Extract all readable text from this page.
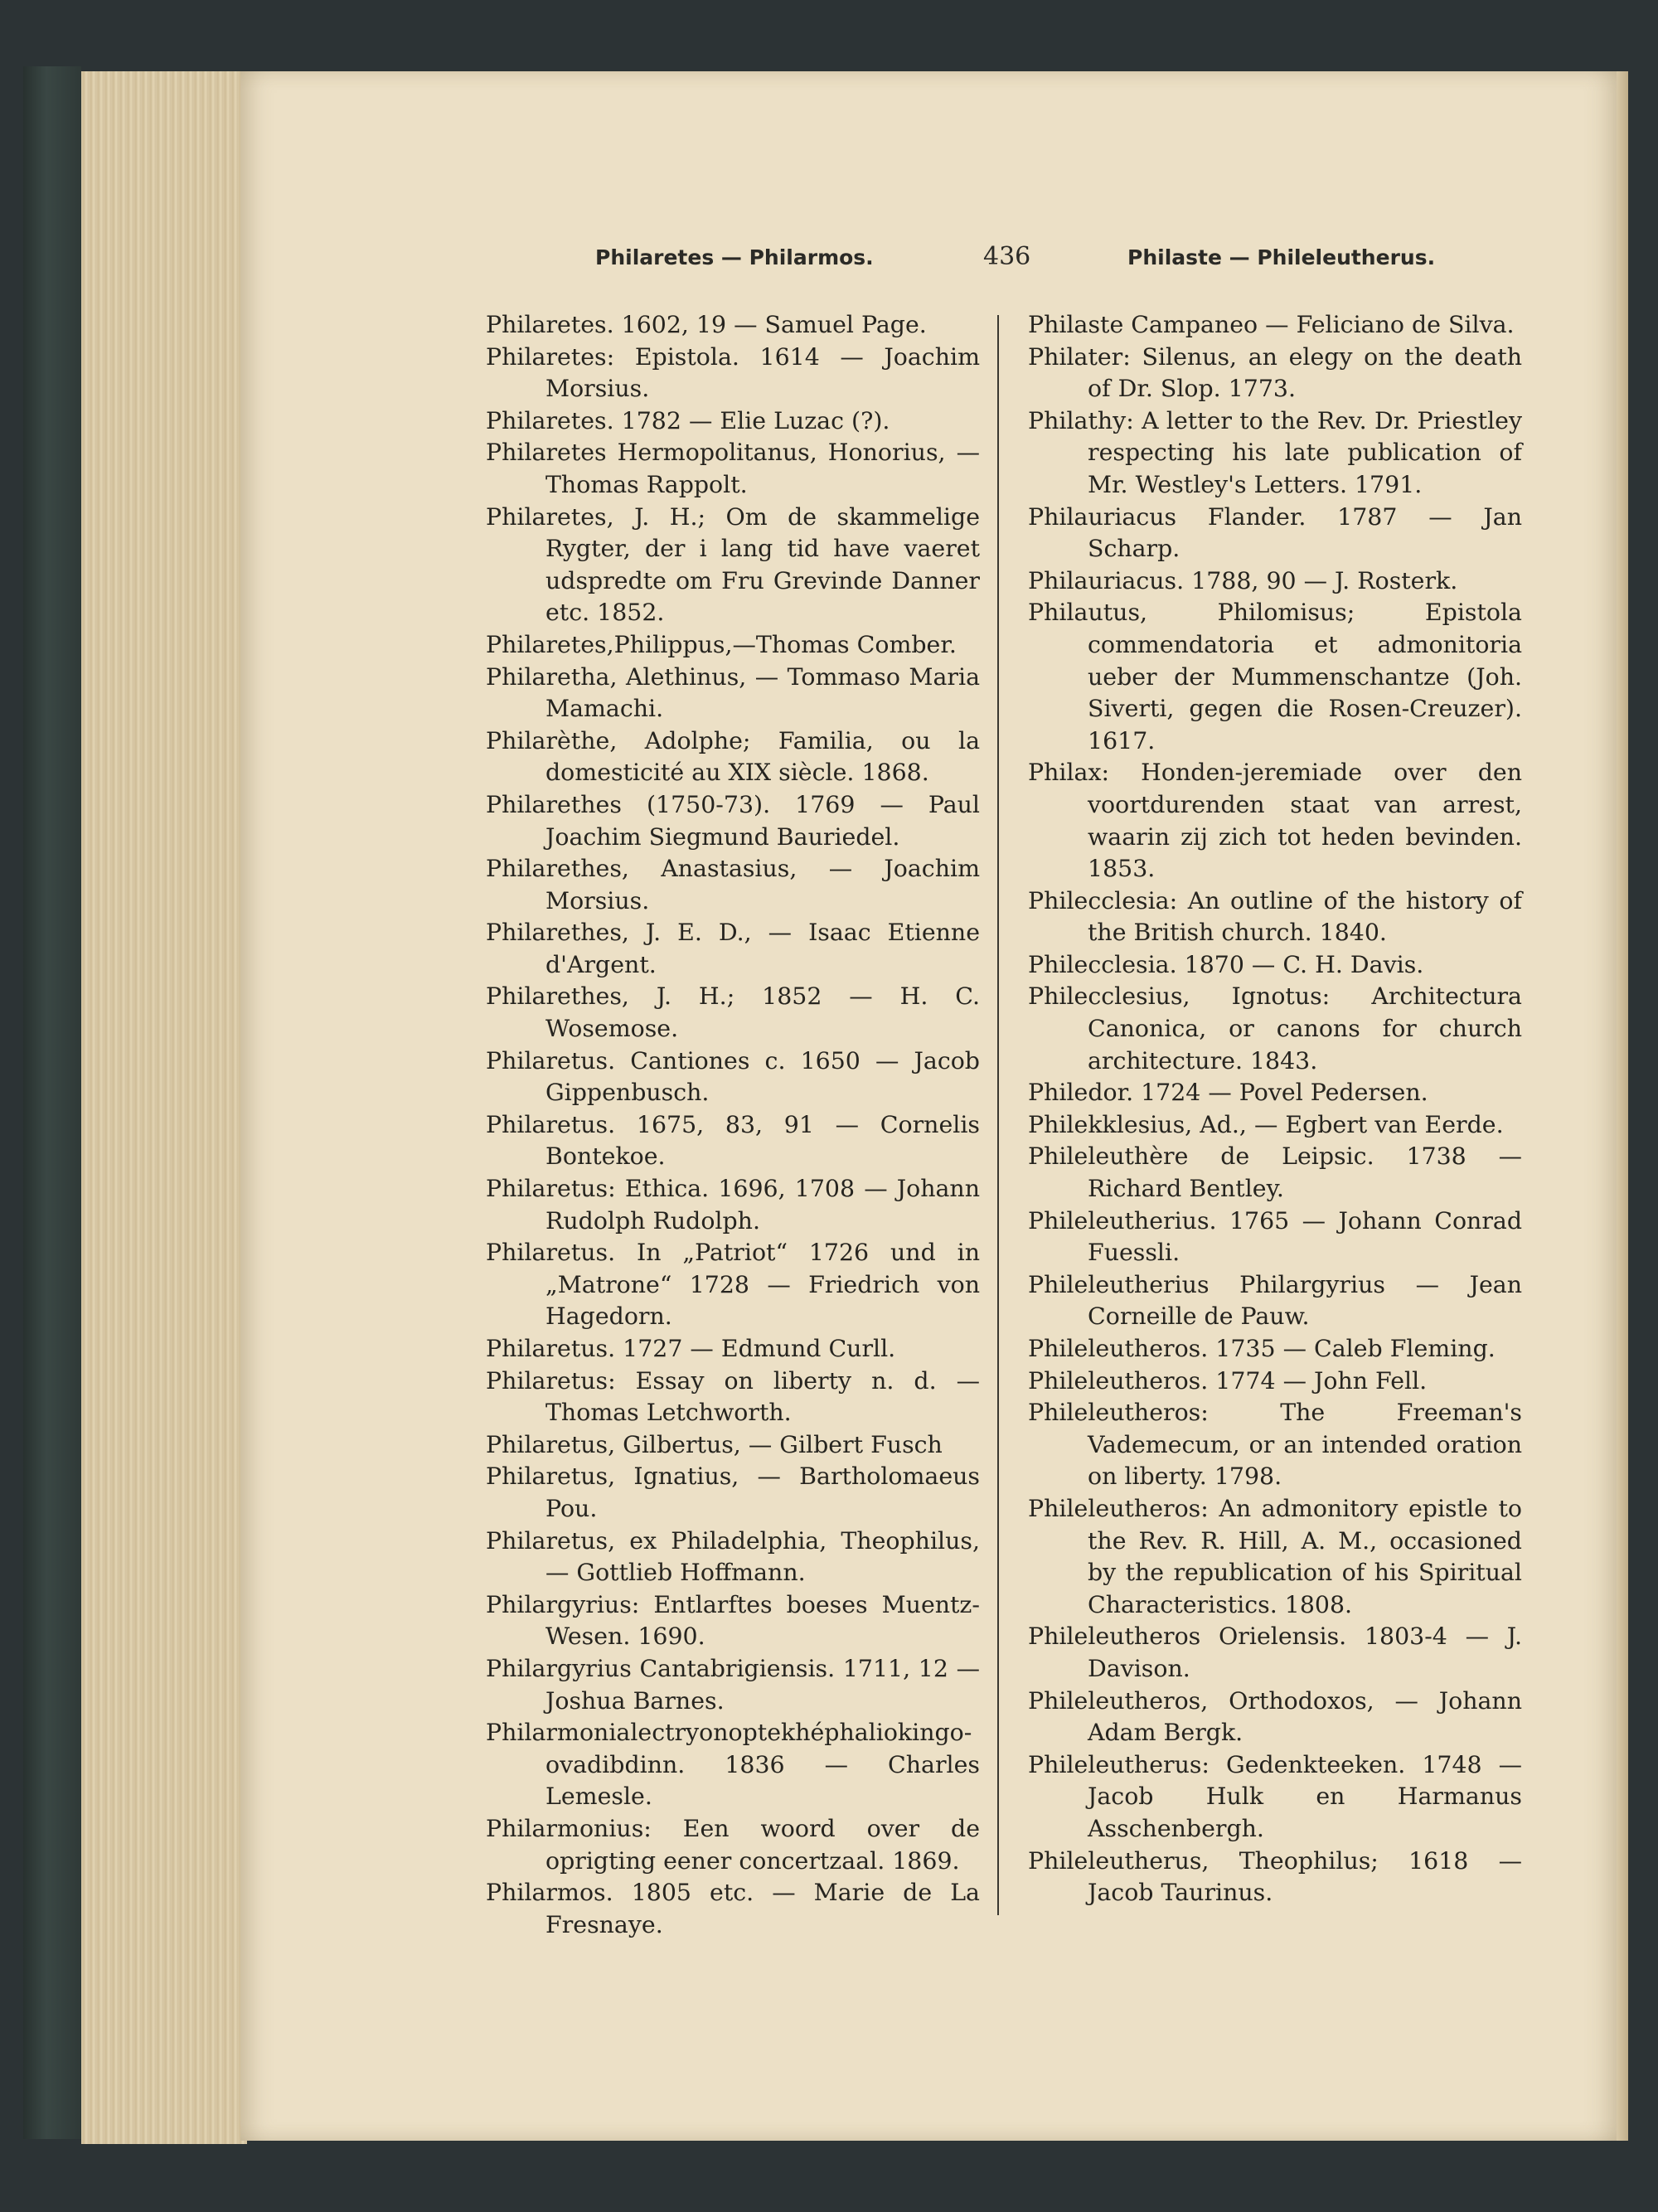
Philaretes — Philarmos.	436	Philaste — Phileleutherus.

Philaretes. 1602, 19 — Samuel Page.

Philaretes: Epistola. 1614 — Joachim Morsius.

Philaretes. 1782 — Elie Luzac (?).

Philaretes Hermopolitanus, Honorius, — Thomas Rappolt.

Philaretes, J. H.; Om de skammelige Rygter, der i lang tid have vaeret udspredte om Fru Grevinde Danner etc. 1852.

Philaretes,Philippus,—Thomas Comber.

Philaretha, Alethinus, — Tommaso Maria Mamachi.

Philarèthe, Adolphe; Familia, ou la domesticité au XIX siècle. 1868.

Philarethes (1750-73). 1769 — Paul Joachim Siegmund Bauriedel.

Philarethes, Anastasius, — Joachim Morsius.

Philarethes, J. E. D., — Isaac Etienne d'Argent.

Philarethes, J. H.; 1852 — H. C. Wosemose.

Philaretus. Cantiones c. 1650 — Jacob Gippenbusch.

Philaretus. 1675, 83, 91 — Cornelis Bontekoe.

Philaretus: Ethica. 1696, 1708 — Johann Rudolph Rudolph.

Philaretus. In „Patriot“ 1726 und in „Matrone“ 1728 — Friedrich von Hagedorn.

Philaretus. 1727 — Edmund Curll.

Philaretus: Essay on liberty n. d. — Thomas Letchworth.

Philaretus, Gilbertus, — Gilbert Fusch

Philaretus, Ignatius, — Bartholomaeus Pou.

Philaretus, ex Philadelphia, Theophilus, — Gottlieb Hoffmann.

Philargyrius: Entlarftes boeses Muentz-Wesen. 1690.

Philargyrius Cantabrigiensis. 1711, 12 — Joshua Barnes.

Philarmonialectryonoptekhéphaliokingo-ovadibdinn. 1836 — Charles Lemesle.

Philarmonius: Een woord over de oprigting eener concertzaal. 1869.

Philarmos. 1805 etc. — Marie de La Fresnaye.

Philaste Campaneo — Feliciano de Silva.

Philater: Silenus, an elegy on the death of Dr. Slop. 1773.

Philathy: A letter to the Rev. Dr. Priestley respecting his late publication of Mr. Westley's Letters. 1791.

Philauriacus Flander. 1787 — Jan Scharp.

Philauriacus. 1788, 90 — J. Rosterk.

Philautus, Philomisus; Epistola commendatoria et admonitoria ueber der Mummenschantze (Joh. Siverti, gegen die Rosen-Creuzer). 1617.

Philax: Honden-jeremiade over den voortdurenden staat van arrest, waarin zij zich tot heden bevinden. 1853.

Philecclesia: An outline of the history of the British church. 1840.

Philecclesia. 1870 — C. H. Davis.

Philecclesius, Ignotus: Architectura Canonica, or canons for church architecture. 1843.

Philedor. 1724 — Povel Pedersen.

Philekklesius, Ad., — Egbert van Eerde.

Phileleuthère de Leipsic. 1738 — Richard Bentley.

Phileleutherius. 1765 — Johann Conrad Fuessli.

Phileleutherius Philargyrius — Jean Corneille de Pauw.

Phileleutheros. 1735 — Caleb Fleming.

Phileleutheros. 1774 — John Fell.

Phileleutheros: The Freeman's Vademecum, or an intended oration on liberty. 1798.

Phileleutheros: An admonitory epistle to the Rev. R. Hill, A. M., occasioned by the republication of his Spiritual Characteristics. 1808.

Phileleutheros Orielensis. 1803-4 — J. Davison.

Phileleutheros, Orthodoxos, — Johann Adam Bergk.

Phileleutherus: Gedenkteeken. 1748 — Jacob Hulk en Harmanus Asschenbergh.

Phileleutherus, Theophilus; 1618 — Jacob Taurinus.
